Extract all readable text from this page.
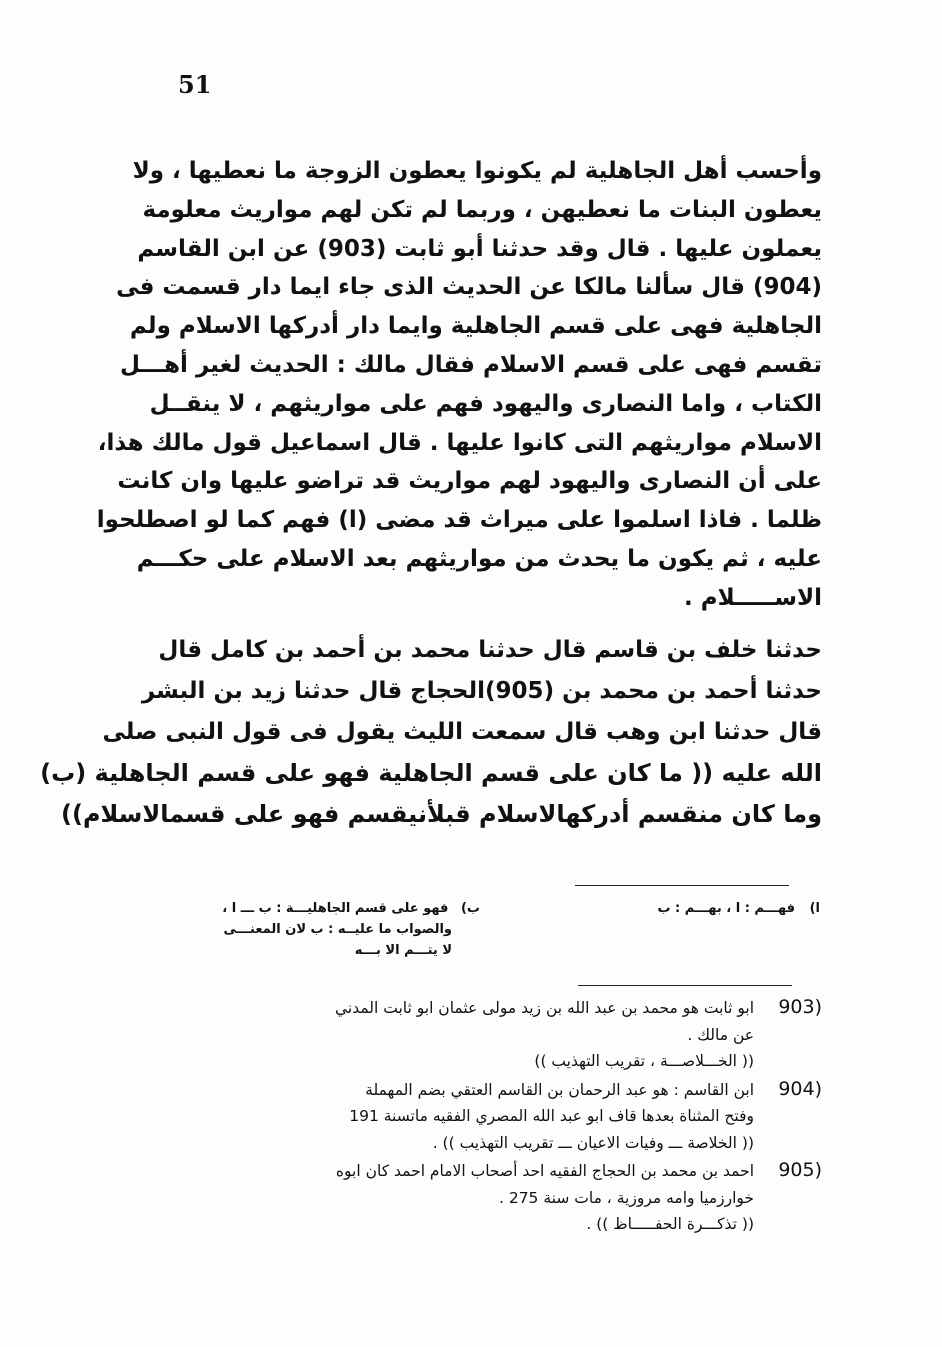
51
وأحسب أهل الجاهلية لم يكونوا يعطون الزوجة ما نعطيها ، ولا
يعطون البنات ما نعطيهن ، وربما لم تكن لهم مواريث معلومة
يعملون عليها . قال وقد حدثنا أبو ثابت (903) عن ابن القاسم
(904) قال سألنا مالكا عن الحديث الذى جاء ايما دار قسمت فى
الجاهلية فهى على قسم الجاهلية وايما دار أدركها الاسلام ولم
تقسم فهى على قسم الاسلام فقال مالك : الحديث لغير أهـــل
الكتاب ، واما النصارى واليهود فهم على مواريثهم ، لا ينقــل
الاسلام مواريثهم التى كانوا عليها . قال اسماعيل قول مالك هذا،
على أن النصارى واليهود لهم مواريث قد تراضو عليها وان كانت
ظلما . فاذا اسلموا على ميراث قد مضى (ا) فهم كما لو اصطلحوا
عليه ، ثم يكون ما يحدث من مواريثهم بعد الاسلام على حكـــم
الاســـــلام .
حدثنا خلف بن قاسم قال حدثنا محمد بن أحمد بن كامل قال
حدثنا أحمد بن محمد بن (905)الحجاج قال حدثنا زيد بن البشر
قال حدثنا ابن وهب قال سمعت الليث يقول فى قول النبى صلى
الله عليه (( ما كان على قسم الجاهلية فهو على قسم الجاهلية (ب)
وما كان منقسم أدركهالاسلام قبلأنيقسم فهو على قسمالاسلام))
ا) فهـــم : ا ، بهـــم : ب
ب) فهو على قسم الجاهليـــة : ب ـــ ا ،
والصواب ما عليــه : ب لان المعنـــى
لا يتـــم الا بـــه
903)
ابو ثابت هو محمد بن عبد الله بن زيد مولى عثمان ابو ثابت المدني
عن مالك .
(( الخـــلاصـــة ، تقريب التهذيب ))
904)
ابن القاسم : هو عبد الرحمان بن القاسم العتقي بضم المهملة
وفتح المثناة بعدها قاف ابو عبد الله المصري الفقيه ماتسنة 191
(( الخلاصة ـــ وفيات الاعيان ـــ تقريب التهذيب )) .
905)
احمد بن محمد بن الحجاج الفقيه احد أصحاب الامام احمد كان ابوه
خوارزميا وامه مروزية ، مات سنة 275 .
(( تذكـــرة الحفـــــاظ )) .
